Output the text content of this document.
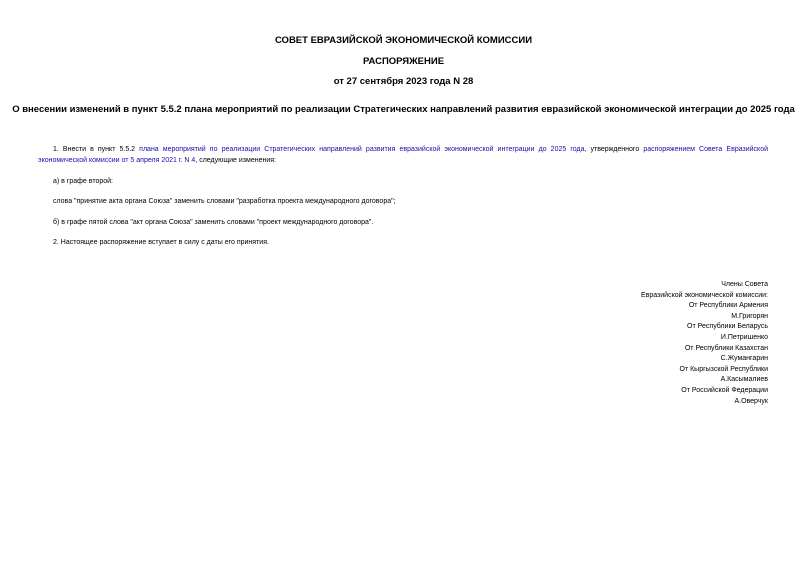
СОВЕТ ЕВРАЗИЙСКОЙ ЭКОНОМИЧЕСКОЙ КОМИССИИ
РАСПОРЯЖЕНИЕ
от 27 сентября 2023 года N 28
О внесении изменений в пункт 5.5.2 плана мероприятий по реализации Стратегических направлений развития евразийской экономической интеграции до 2025 года
1. Внести в пункт 5.5.2 плана мероприятий по реализации Стратегических направлений развития евразийской экономической интеграции до 2025 года, утвержденного распоряжением Совета Евразийской экономической комиссии от 5 апреля 2021 г. N 4, следующие изменения:
а) в графе второй:
слова "принятие акта органа Союза" заменить словами "разработка проекта международного договора";
б) в графе пятой слова "акт органа Союза" заменить словами "проект международного договора".
2. Настоящее распоряжение вступает в силу с даты его принятия.
Члены Совета
Евразийской экономической комиссии:
От Республики Армения
М.Григорян
От Республики Беларусь
И.Петришенко
От Республики Казахстан
С.Жумангарин
От Кыргызской Республики
А.Касымалиев
От Российской Федерации
А.Оверчук
